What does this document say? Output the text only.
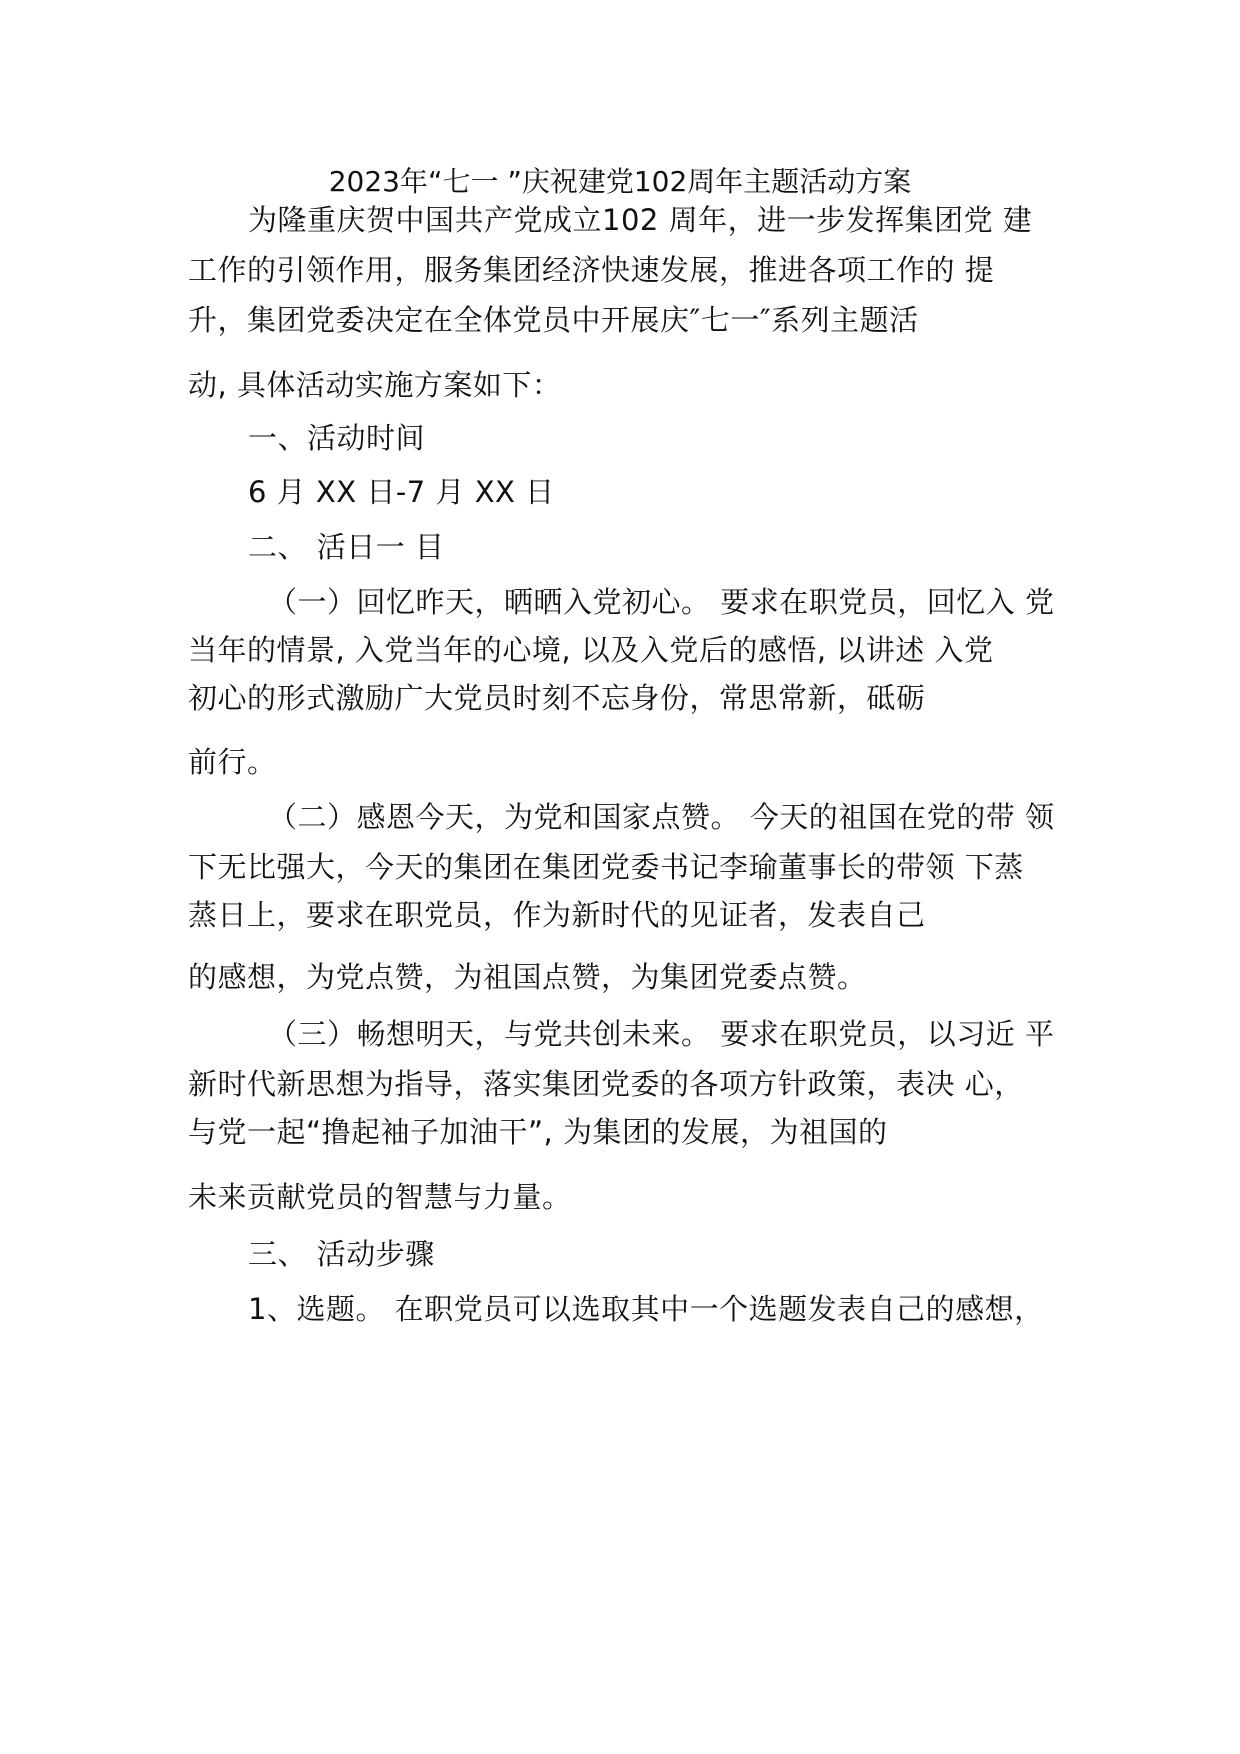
2023年“七一 ”庆祝建党102周年主题活动方案
为隆重庆贺中国共产党成立102 周年，进一步发挥集团党 建
工作的引领作用，服务集团经济快速发展，推进各项工作的 提
升，集团党委决定在全体党员中开展庆″七一″系列主题活
动, 具体活动实施方案如下：
一、活动时间
6 月 XX 日-7 月 XX 日
二、 活⽇⼀ ⽬
（一）回忆昨天，晒晒入党初心。 要求在职党员，回忆入 党
当年的情景, 入党当年的心境, 以及入党后的感悟, 以讲述 入党
初心的形式激励广大党员时刻不忘身份，常思常新，砥砺
前行。
（二）感恩今天，为党和国家点赞。 今天的祖国在党的带 领
下无比强大，今天的集团在集团党委书记李瑜董事长的带领 下蒸
蒸日上，要求在职党员，作为新时代的见证者，发表自己
的感想，为党点赞，为祖国点赞，为集团党委点赞。
（三）畅想明天，与党共创未来。 要求在职党员，以习近 平
新时代新思想为指导，落实集团党委的各项方针政策，表决 心，
与党一起“撸起袖子加油干”, 为集团的发展，为祖国的
未来贡献党员的智慧与力量。
三、 活动步骤
1、选题。 在职党员可以选取其中一个选题发表自己的感想，
